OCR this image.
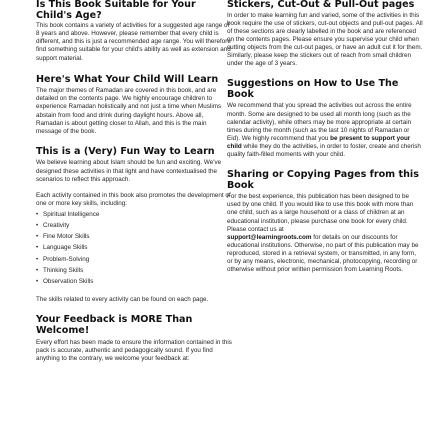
Is This Book Suitable for Your Child's Age?

This book contains a variety of activities for a suggested age range of 8 years and above. However, please remember that every child is different, and this is just a recommended age range. You will therefore find something suitable for your child's ability as well as extension and support material.

Here's What Your Child Will Learn

The major themes of Ramadan are covered in this book, and are detailed on the contents page. We highly encourage children to experience Ramadan holistically and not just a time when Muslims abstain from food and drink during daylight hours. Above all, Ramadan is about getting closer to Allah, and this is the main message of the book.

This is a (Very) Fun Way to Learn

We believe learning about Islam should be fun and exciting. We've designed these activities in that light and have contextualised the scenarios to reflect this approach.

Each activity contained in this book also promotes the development of one or more key skills, including:

• Spiritual Intelligence
• Creativity
• Fine Motor Skills
• Language Skills
• Problem-Solving
• Thinking Skills
• Observation Skills

The skills related to every activity can be found on each page.

Your Feedback is MORE Than Welcome!

Every effort has been made to ensure the information contained in this pack is accurate, authentic and pedagogically sound. If you find anything to the contrary, we welcome your feedback at:

Stickers, Cut-Out & Pull-Out pages

In order to make learning fun and varied, some of the activities in this book require the use of stickers, cut-out objects and pull-out pages. All of these sections are clearly labelled in the book and are referenced on the contents pages. Please ensure you supervise your child when cutting objects from the cut-out pages, or have an adult cut it for them. Similarly, please keep the stickers out of reach from small children under the age of 3 years.

Suggestions on How to Use The Book

We recommend that you spread the activities out across the entire month. Some are designed to be used all month long (such as the calendar activity), while others may be more appropriate at certain times during the month (such as the last 10 nights of Ramadan or Eid). We highly recommend that you be present to support your child while they do the activities, in order to foster, create and cherish quality faith-filled moments with your child.

Sharing or Copying Pages from this Book

For the best experience, this publication has been designed to be used by one child. If you would like to use this book with more than one child, such as a large household or a class of children at an educational institution, please purchase one book for every child. Please contact us at
support@learningroots.com for details on our discounts for educational institutions. Otherwise, no part of this publication may be reproduced, stored in a retrieval system, or transmitted, in any form, or by any means, electronic, mechanical, photocopying, recording or otherwise without prior written permission from Learning Roots.
